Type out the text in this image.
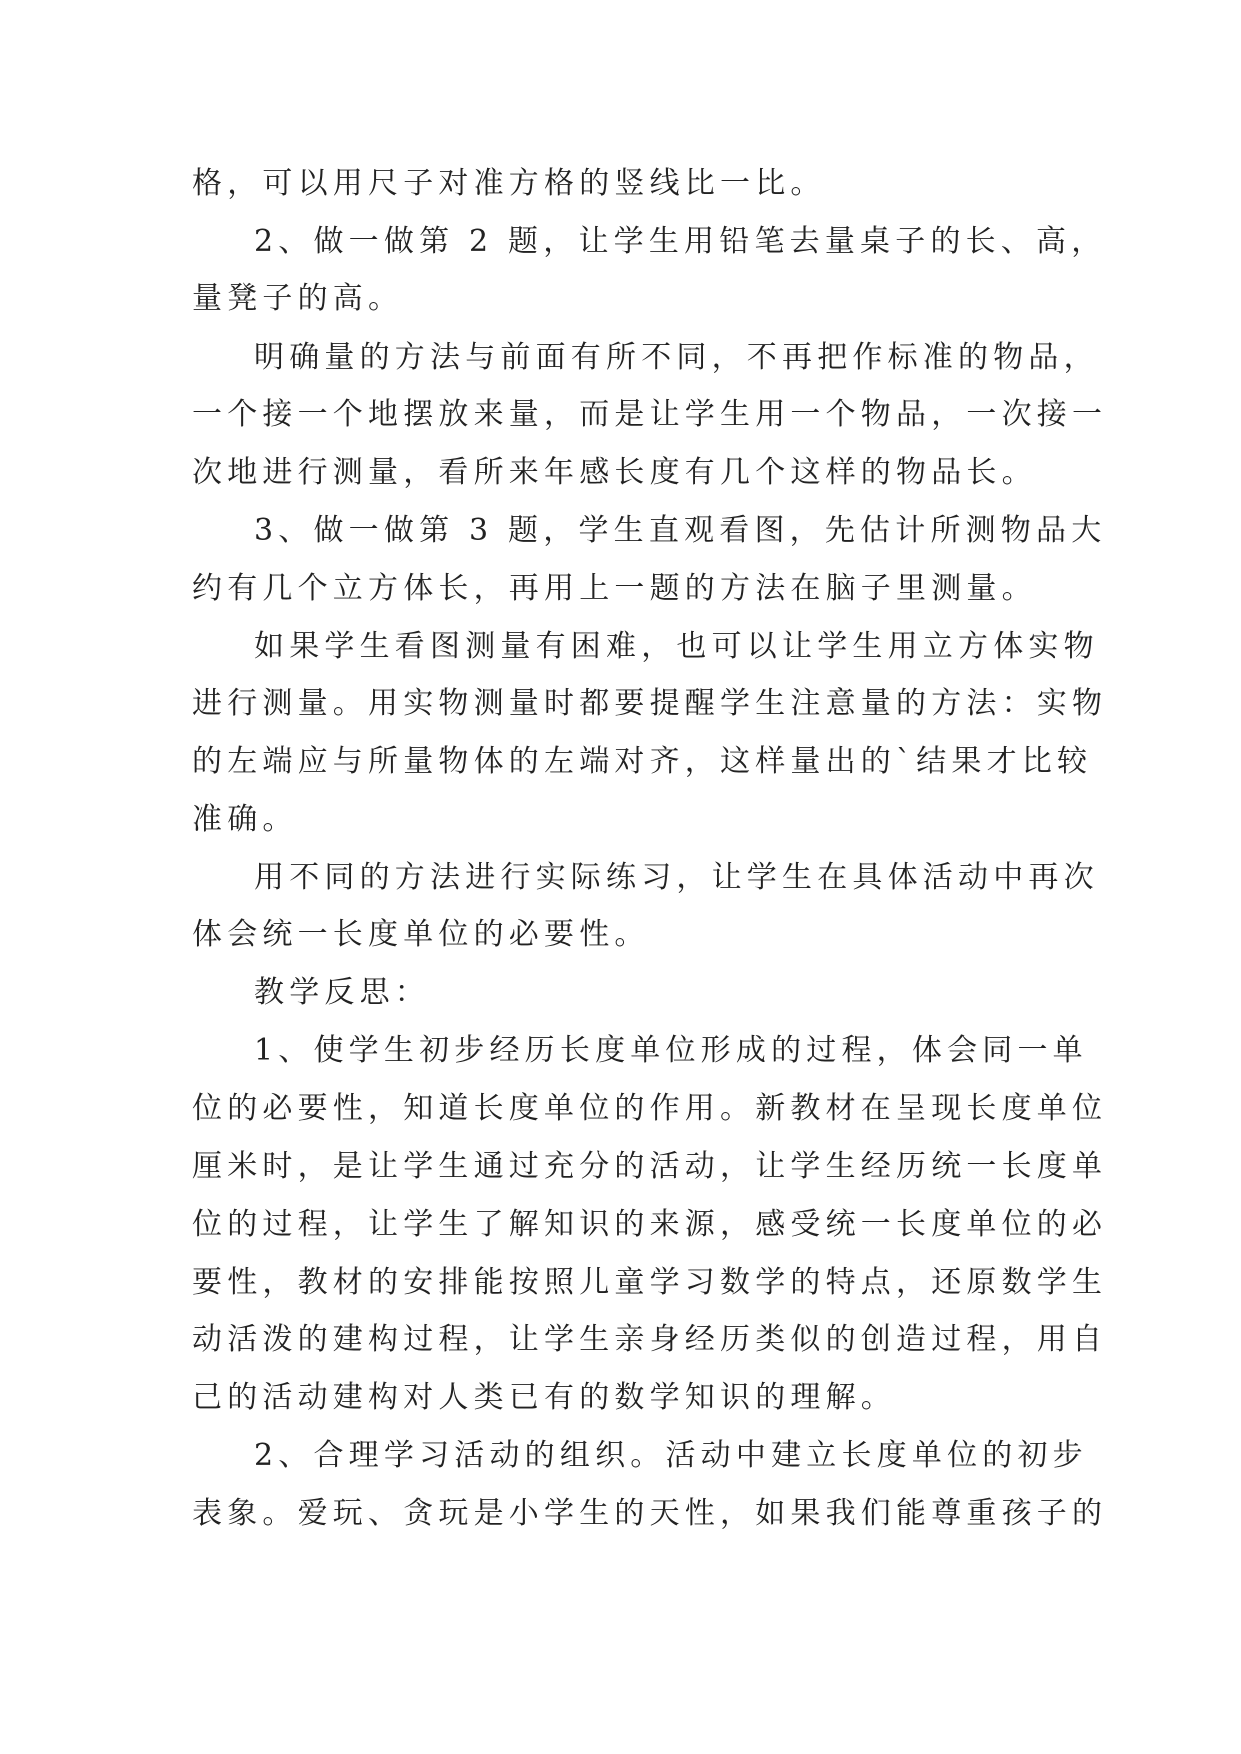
格，可以用尺子对准方格的竖线比一比。
2、做一做第 2 题，让学生用铅笔去量桌子的长、高，
量凳子的高。
明确量的方法与前面有所不同，不再把作标准的物品，
一个接一个地摆放来量，而是让学生用一个物品，一次接一
次地进行测量，看所来年感长度有几个这样的物品长。
3、做一做第 3 题，学生直观看图，先估计所测物品大
约有几个立方体长，再用上一题的方法在脑子里测量。
如果学生看图测量有困难，也可以让学生用立方体实物
进行测量。用实物测量时都要提醒学生注意量的方法：实物
的左端应与所量物体的左端对齐，这样量出的`结果才比较
准确。
用不同的方法进行实际练习，让学生在具体活动中再次
体会统一长度单位的必要性。
教学反思：
1、使学生初步经历长度单位形成的过程，体会同一单
位的必要性，知道长度单位的作用。新教材在呈现长度单位
厘米时，是让学生通过充分的活动，让学生经历统一长度单
位的过程，让学生了解知识的来源，感受统一长度单位的必
要性，教材的安排能按照儿童学习数学的特点，还原数学生
动活泼的建构过程，让学生亲身经历类似的创造过程，用自
己的活动建构对人类已有的数学知识的理解。
2、合理学习活动的组织。活动中建立长度单位的初步
表象。爱玩、贪玩是小学生的天性，如果我们能尊重孩子的
